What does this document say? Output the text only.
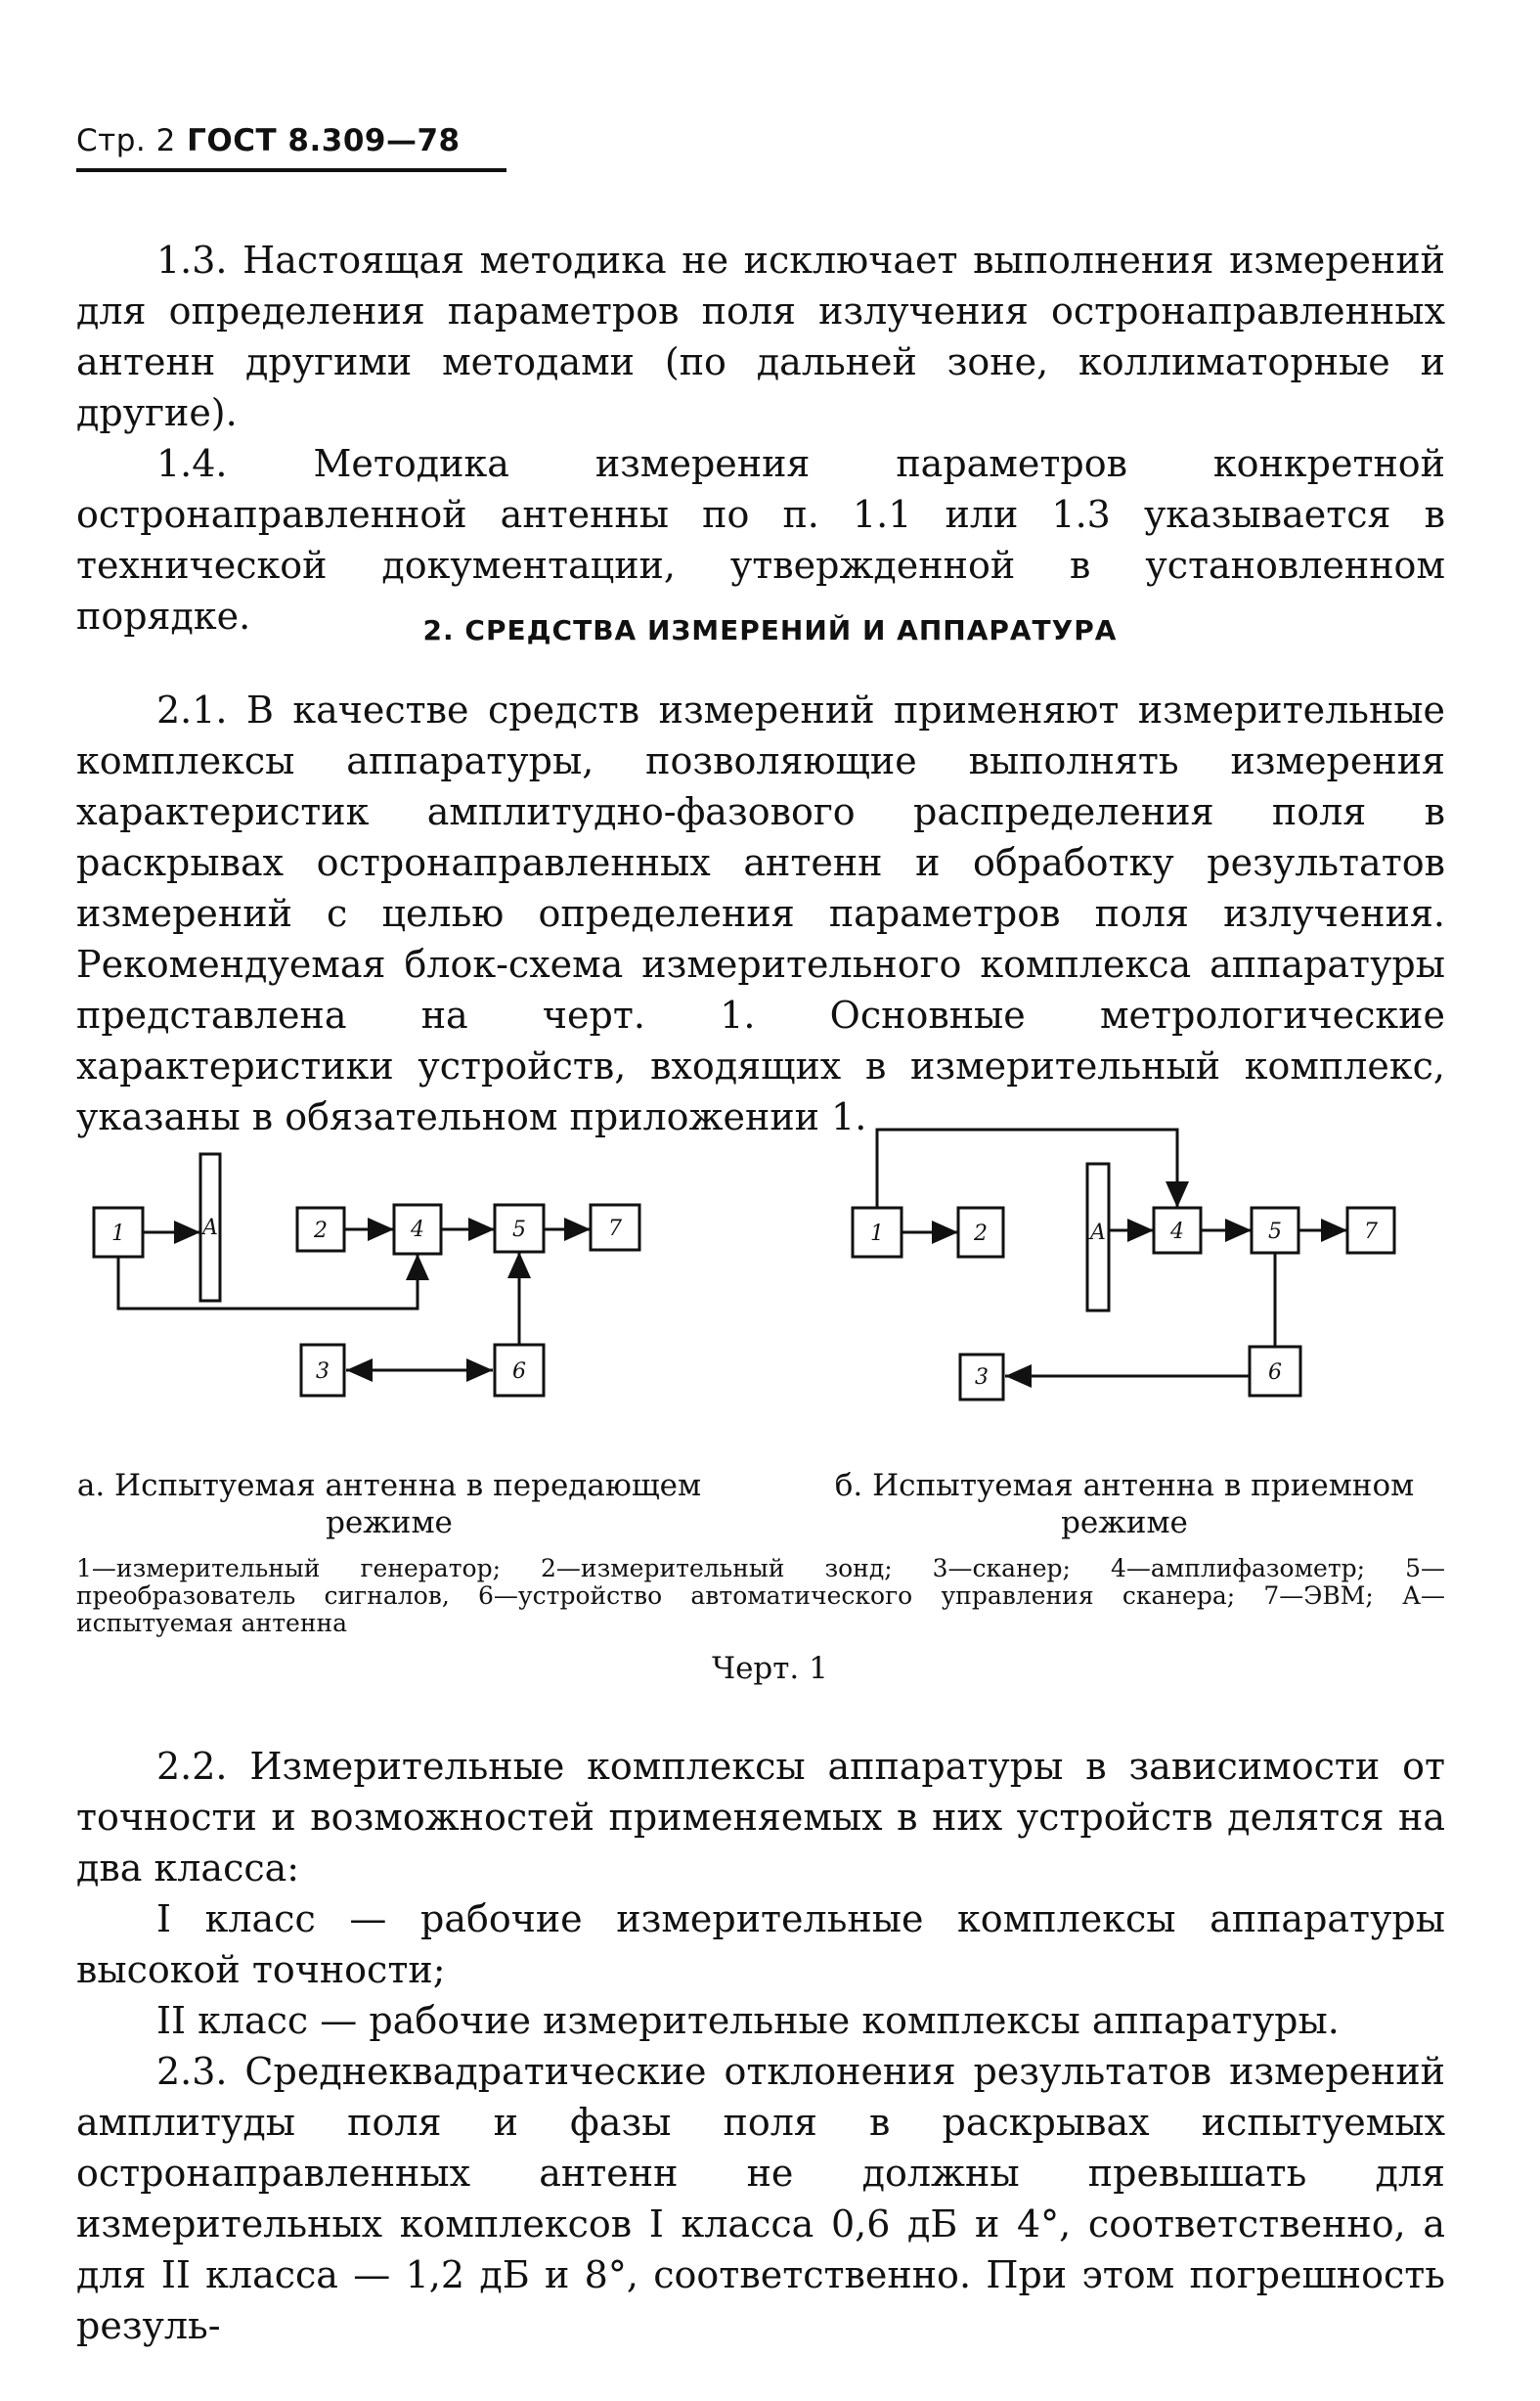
Стр. 2 ГОСТ 8.309—78

1.3. Настоящая методика не исключает выполнения измерений для определения параметров поля излучения остронаправленных антенн другими методами (по дальней зоне, коллиматорные и другие).

1.4. Методика измерения параметров конкретной остронаправленной антенны по п. 1.1 или 1.3 указывается в технической документации, утвержденной в установленном порядке.	2. СРЕДСТВА ИЗМЕРЕНИЙ И АППАРАТУРА

2.1. В качестве средств измерений применяют измерительные комплексы аппаратуры, позволяющие выполнять измерения характеристик амплитудно-фазового распределения поля в раскрывах остронаправленных антенн и обработку результатов измерений с целью определения параметров поля излучения. Рекомендуемая блок-схема измерительного комплекса аппаратуры представлена на черт. 1. Основные метрологические характеристики устройств, входящих в измерительный комплекс, указаны в обязательном приложении 1.

1	A	2	4	5	7
3	6
1	2	A	4	5	7
3	6
а. Испытуемая антенна в передающем режиме
б. Испытуемая антенна в приемном режиме
1—измерительный генератор; 2—измерительный зонд; 3—сканер; 4—амплифазометр; 5—преобразователь сигналов, 6—устройство автоматического управления сканера; 7—ЭВМ; А—испытуемая антенна
Черт. 1

2.2. Измерительные комплексы аппаратуры в зависимости от точности и возможностей применяемых в них устройств делятся на два класса:

I класс — рабочие измерительные комплексы аппаратуры высокой точности;

II класс — рабочие измерительные комплексы аппаратуры.

2.3. Среднеквадратические отклонения результатов измерений амплитуды поля и фазы поля в раскрывах испытуемых остронаправленных антенн не должны превышать для измерительных комплексов I класса 0,6 дБ и 4°, соответственно, а для II класса — 1,2 дБ и 8°, соответственно. При этом погрешность резуль-
